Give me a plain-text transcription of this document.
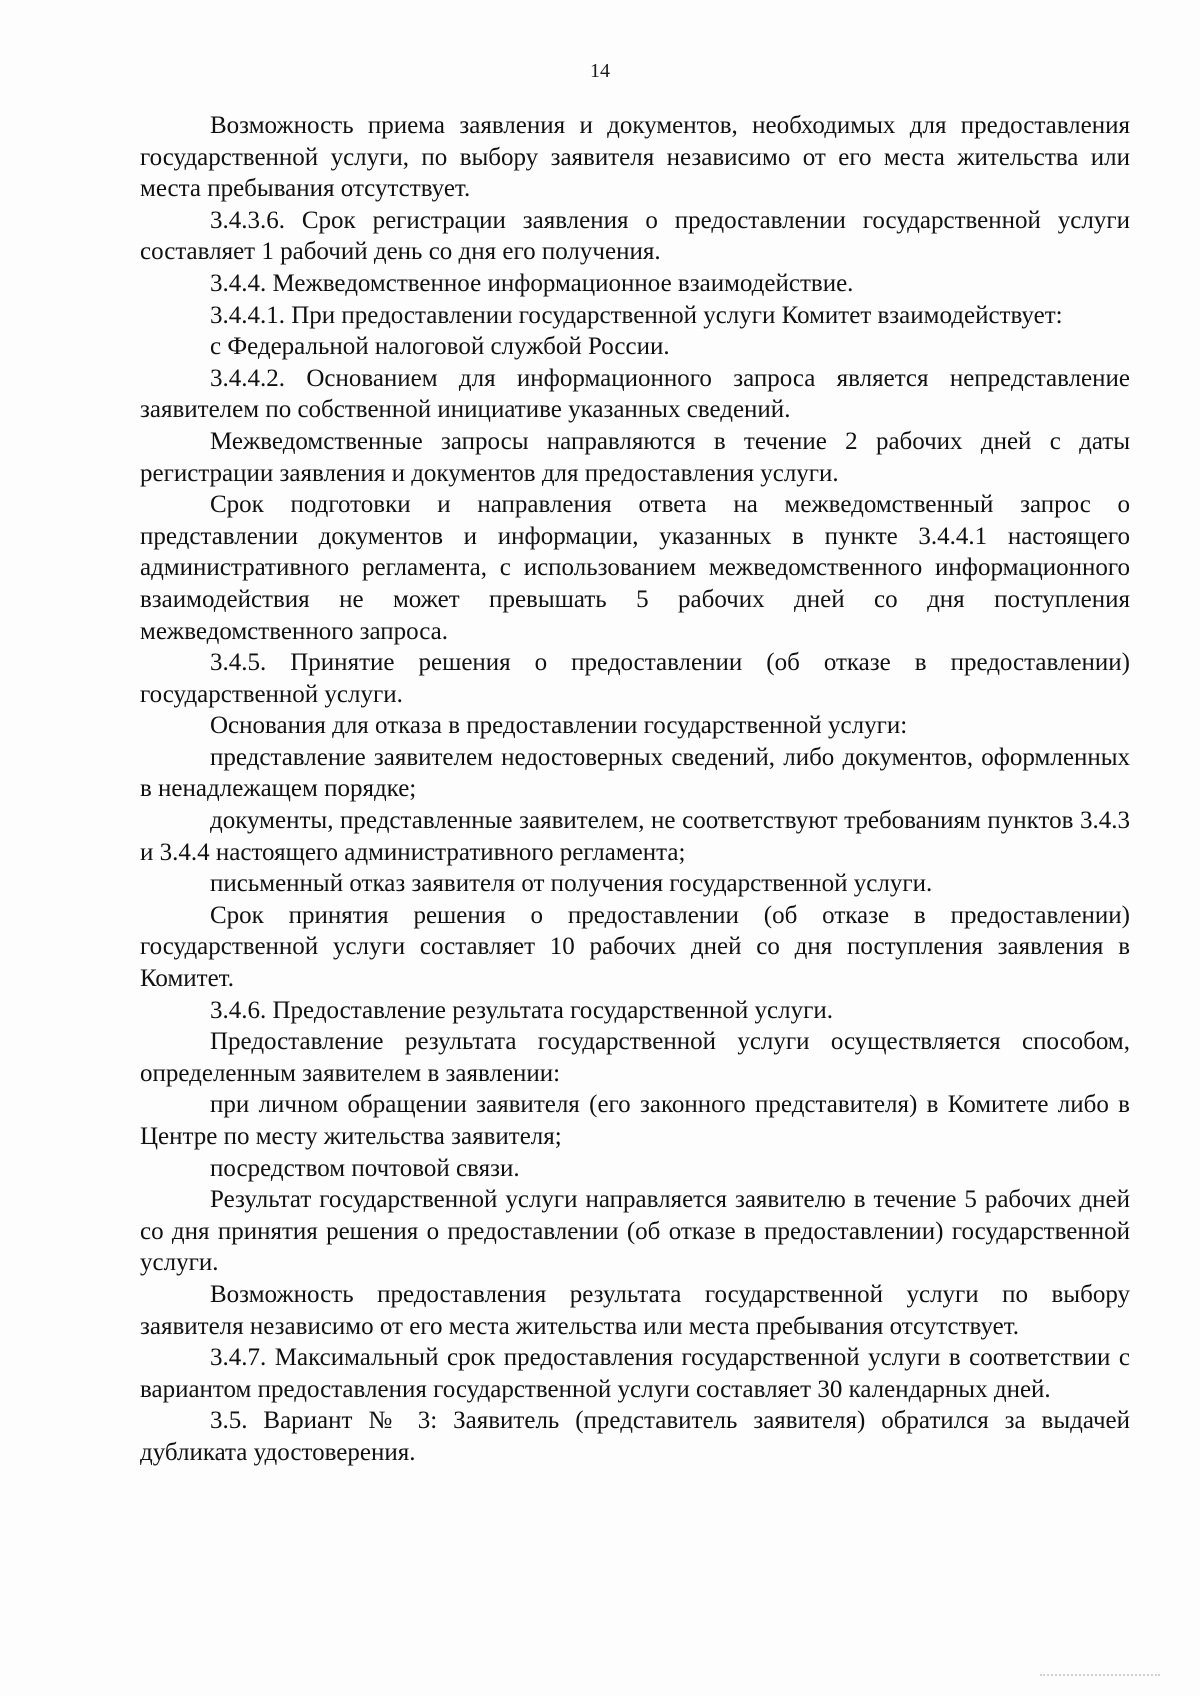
14

Возможность приема заявления и документов, необходимых для предоставления государственной услуги, по выбору заявителя независимо от его места жительства или места пребывания отсутствует.

3.4.3.6. Срок регистрации заявления о предоставлении государственной услуги составляет 1 рабочий день со дня его получения.

3.4.4. Межведомственное информационное взаимодействие.

3.4.4.1. При предоставлении государственной услуги Комитет взаимодействует:

с Федеральной налоговой службой России.

3.4.4.2. Основанием для информационного запроса является непредставление заявителем по собственной инициативе указанных сведений.

Межведомственные запросы направляются в течение 2 рабочих дней с даты регистрации заявления и документов для предоставления услуги.

Срок подготовки и направления ответа на межведомственный запрос о представлении документов и информации, указанных в пункте 3.4.4.1 настоящего административного регламента, с использованием межведомственного информационного взаимодействия не может превышать 5 рабочих дней со дня поступления межведомственного запроса.

3.4.5. Принятие решения о предоставлении (об отказе в предоставлении) государственной услуги.

Основания для отказа в предоставлении государственной услуги:

представление заявителем недостоверных сведений, либо документов, оформленных в ненадлежащем порядке;

документы, представленные заявителем, не соответствуют требованиям пунктов 3.4.3 и 3.4.4 настоящего административного регламента;

письменный отказ заявителя от получения государственной услуги.

Срок принятия решения о предоставлении (об отказе в предоставлении) государственной услуги составляет 10 рабочих дней со дня поступления заявления в Комитет.

3.4.6. Предоставление результата государственной услуги.

Предоставление результата государственной услуги осуществляется способом, определенным заявителем в заявлении:

при личном обращении заявителя (его законного представителя) в Комитете либо в Центре по месту жительства заявителя;

посредством почтовой связи.

Результат государственной услуги направляется заявителю в течение 5 рабочих дней со дня принятия решения о предоставлении (об отказе в предоставлении) государственной услуги.

Возможность предоставления результата государственной услуги по выбору заявителя независимо от его места жительства или места пребывания отсутствует.

3.4.7. Максимальный срок предоставления государственной услуги в соответствии с вариантом предоставления государственной услуги составляет 30 календарных дней.

3.5. Вариант № 3: Заявитель (представитель заявителя) обратился за выдачей дубликата удостоверения.
